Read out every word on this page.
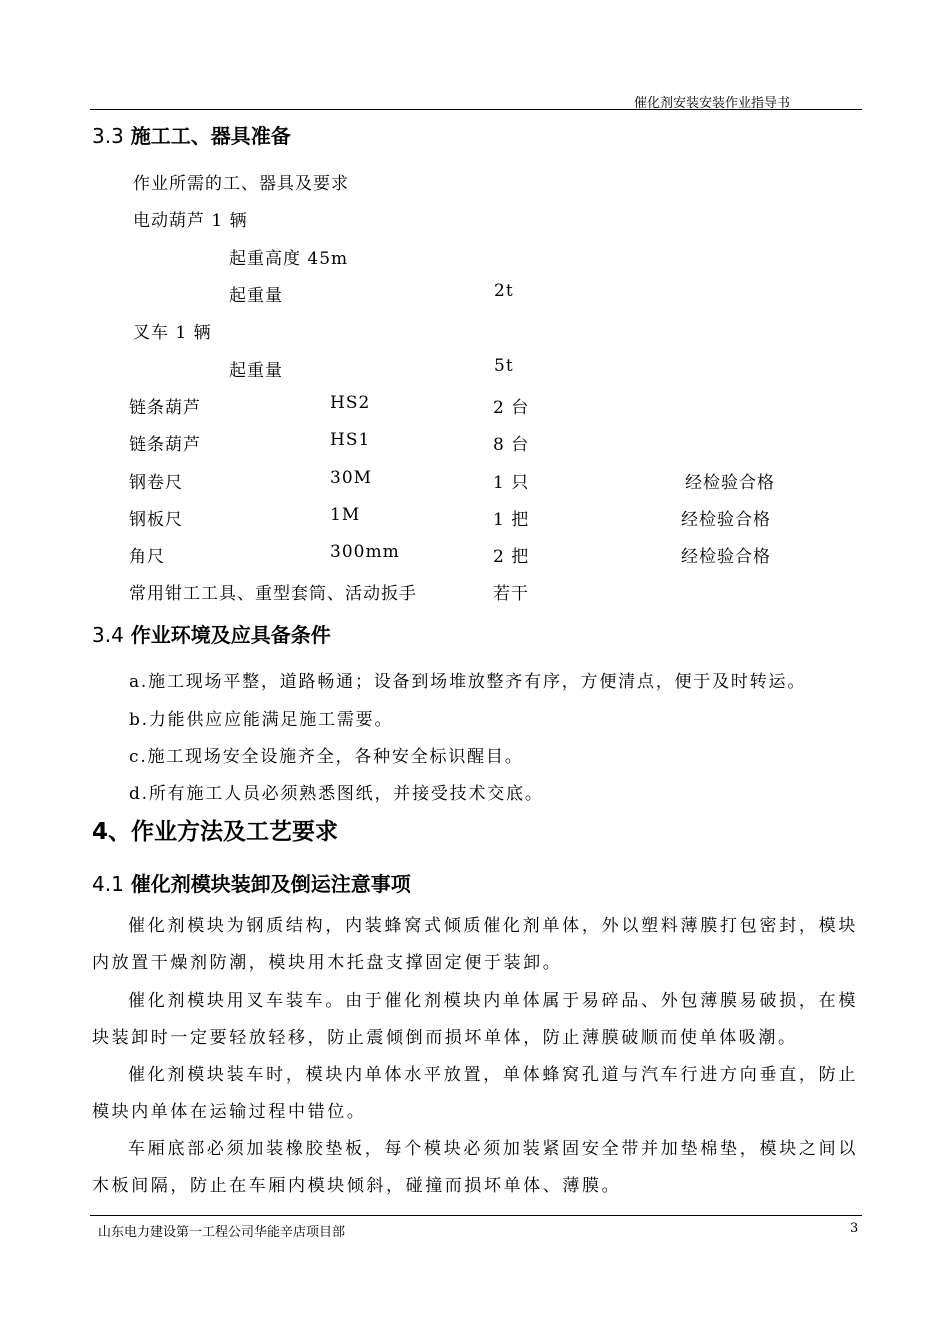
催化剂安装安装作业指导书
3.3 施工工、器具准备
作业所需的工、器具及要求
电动葫芦 1 辆
起重高度 45m
起重量	2t
叉车 1 辆
起重量	5t
链条葫芦	HS2	2 台
链条葫芦	HS1	8 台
钢卷尺	30M	1 只	经检验合格
钢板尺	1M	1 把	经检验合格
角尺	300mm	2 把	经检验合格
常用钳工工具、重型套筒、活动扳手	若干
3.4 作业环境及应具备条件
a.施工现场平整，道路畅通；设备到场堆放整齐有序，方便清点，便于及时转运。
b.力能供应应能满足施工需要。
c.施工现场安全设施齐全，各种安全标识醒目。
d.所有施工人员必须熟悉图纸，并接受技术交底。
4、作业方法及工艺要求
4.1 催化剂模块装卸及倒运注意事项
催化剂模块为钢质结构，内装蜂窝式倾质催化剂单体，外以塑料薄膜打包密封，模块内放置干燥剂防潮，模块用木托盘支撑固定便于装卸。
催化剂模块用叉车装车。由于催化剂模块内单体属于易碎品、外包薄膜易破损，在模块装卸时一定要轻放轻移，防止震倾倒而损坏单体，防止薄膜破顺而使单体吸潮。
催化剂模块装车时，模块内单体水平放置，单体蜂窝孔道与汽车行进方向垂直，防止模块内单体在运输过程中错位。
车厢底部必须加装橡胶垫板，每个模块必须加装紧固安全带并加垫棉垫，模块之间以木板间隔，防止在车厢内模块倾斜，碰撞而损坏单体、薄膜。
山东电力建设第一工程公司华能辛店项目部	3
